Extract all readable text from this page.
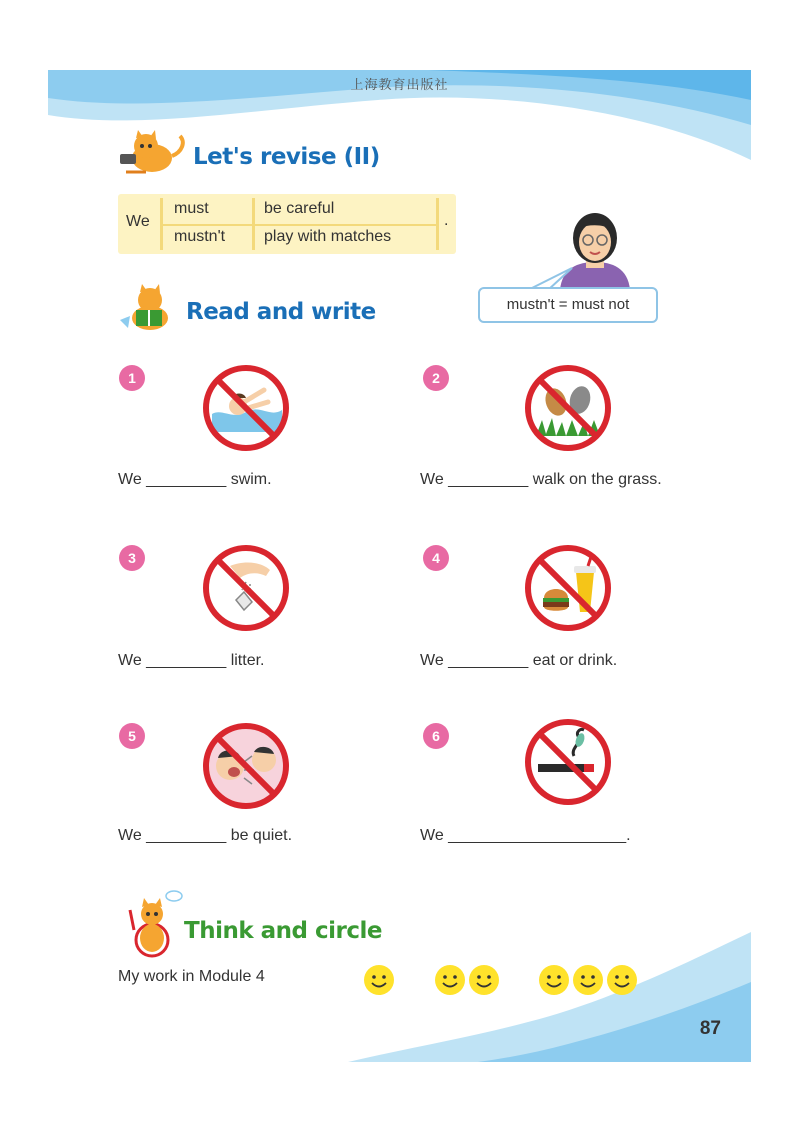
上海教育出版社
Let's revise (II)
We
must
mustn't
be careful
play with matches
.
mustn't = must not
Read and write
1
We _________ swim.
2
We _________ walk on the grass.
3
We _________ litter.
4
We _________ eat or drink.
5
We _________ be quiet.
6
We ____________________.
Think and circle
My work in Module 4
87
